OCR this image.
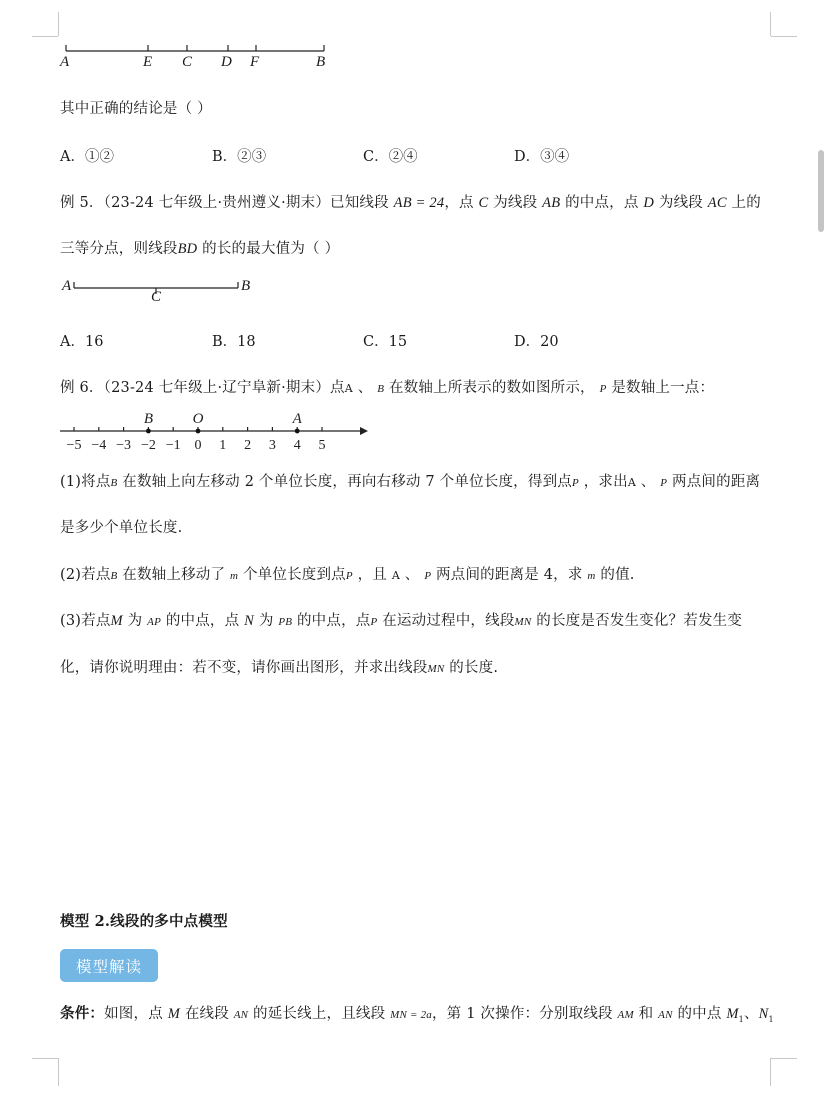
A	E C D F	B
其中正确的结论是（ ）
A．①②	B．②③	C．②④	D．③④
例 5．（23-24 七年级上·贵州遵义·期末）已知线段 AB = 24，点 C 为线段 AB 的中点，点 D 为线段 AC 上的
三等分点，则线段BD 的长的最大值为（ ）
A
C
B
A．16	B．18	C．15	D．20
例 6．（23-24 七年级上·辽宁阜新·期末）点A 、 B 在数轴上所表示的数如图所示， P 是数轴上一点：
−5 −4 −3 −2 −1 0 1 2 3 4 5
B	O	A
(1)将点B 在数轴上向左移动 2 个单位长度，再向右移动 7 个单位长度，得到点P ，求出A 、 P 两点间的距离
是多少个单位长度.
(2)若点B 在数轴上移动了 m 个单位长度到点P ，且 A 、 P 两点间的距离是 4，求 m 的值.
(3)若点M 为 AP 的中点，点 N 为 PB 的中点，点P 在运动过程中，线段MN 的长度是否发生变化？若发生变
化，请你说明理由：若不变，请你画出图形，并求出线段MN 的长度.
模型 2.线段的多中点模型
模型解读
条件：如图，点 M 在线段 AN 的延长线上，且线段 MN = 2a，第 1 次操作：分别取线段 AM 和 AN 的中点 $M_1$、$N_1$
